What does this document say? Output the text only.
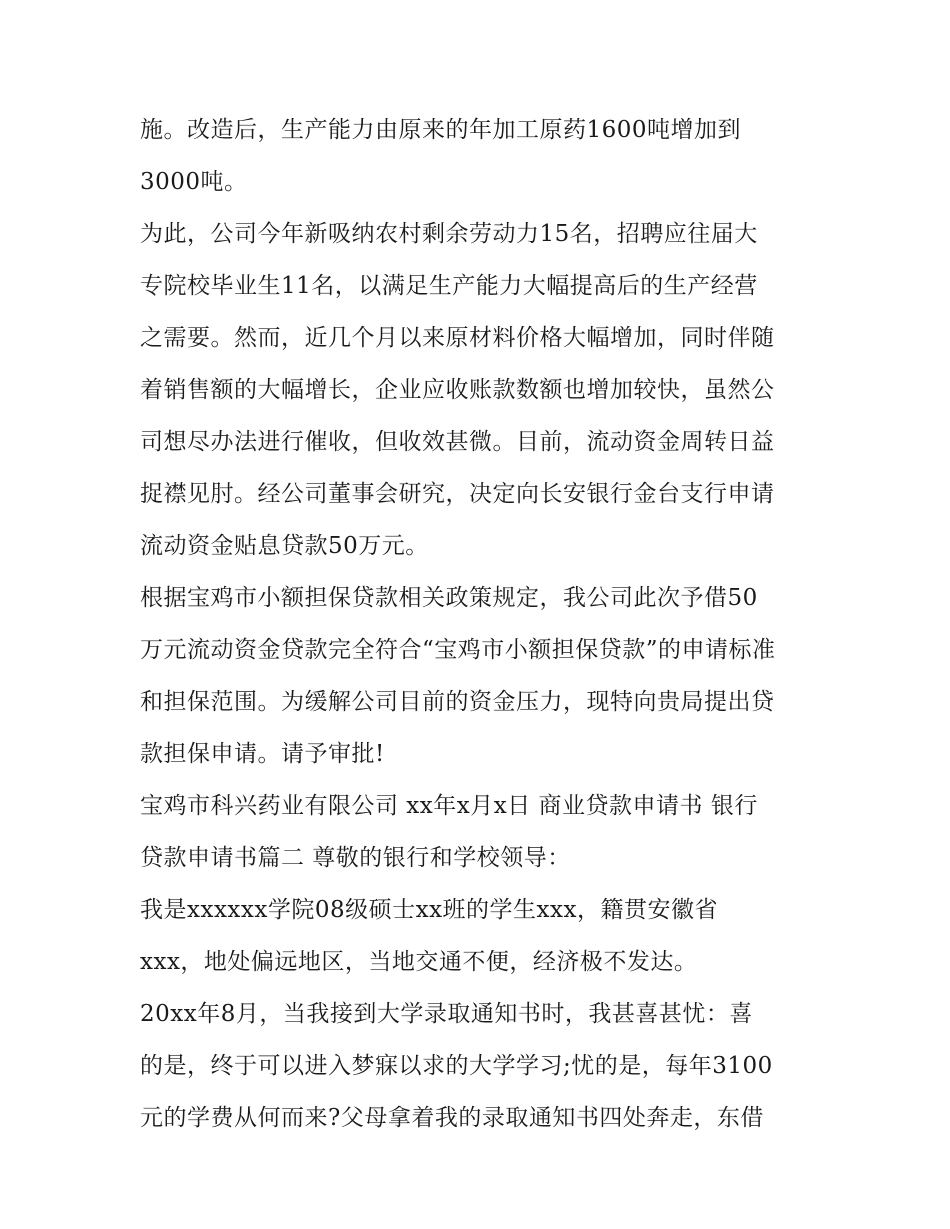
施。改造后，生产能力由原来的年加工原药1600吨增加到
3000吨。
为此，公司今年新吸纳农村剩余劳动力15名，招聘应往届大
专院校毕业生11名，以满足生产能力大幅提高后的生产经营
之需要。然而，近几个月以来原材料价格大幅增加，同时伴随
着销售额的大幅增长，企业应收账款数额也增加较快，虽然公
司想尽办法进行催收，但收效甚微。目前，流动资金周转日益
捉襟见肘。经公司董事会研究，决定向长安银行金台支行申请
流动资金贴息贷款50万元。
根据宝鸡市小额担保贷款相关政策规定，我公司此次予借50
万元流动资金贷款完全符合“宝鸡市小额担保贷款”的申请标准
和担保范围。为缓解公司目前的资金压力，现特向贵局提出贷
款担保申请。请予审批!
宝鸡市科兴药业有限公司 xx年x月x日 商业贷款申请书 银行
贷款申请书篇二 尊敬的银行和学校领导：
我是xxxxxx学院08级硕士xx班的学生xxx，籍贯安徽省
xxx，地处偏远地区，当地交通不便，经济极不发达。
20xx年8月，当我接到大学录取通知书时，我甚喜甚忧：喜
的是，终于可以进入梦寐以求的大学学习;忧的是，每年3100
元的学费从何而来?父母拿着我的录取通知书四处奔走，东借
